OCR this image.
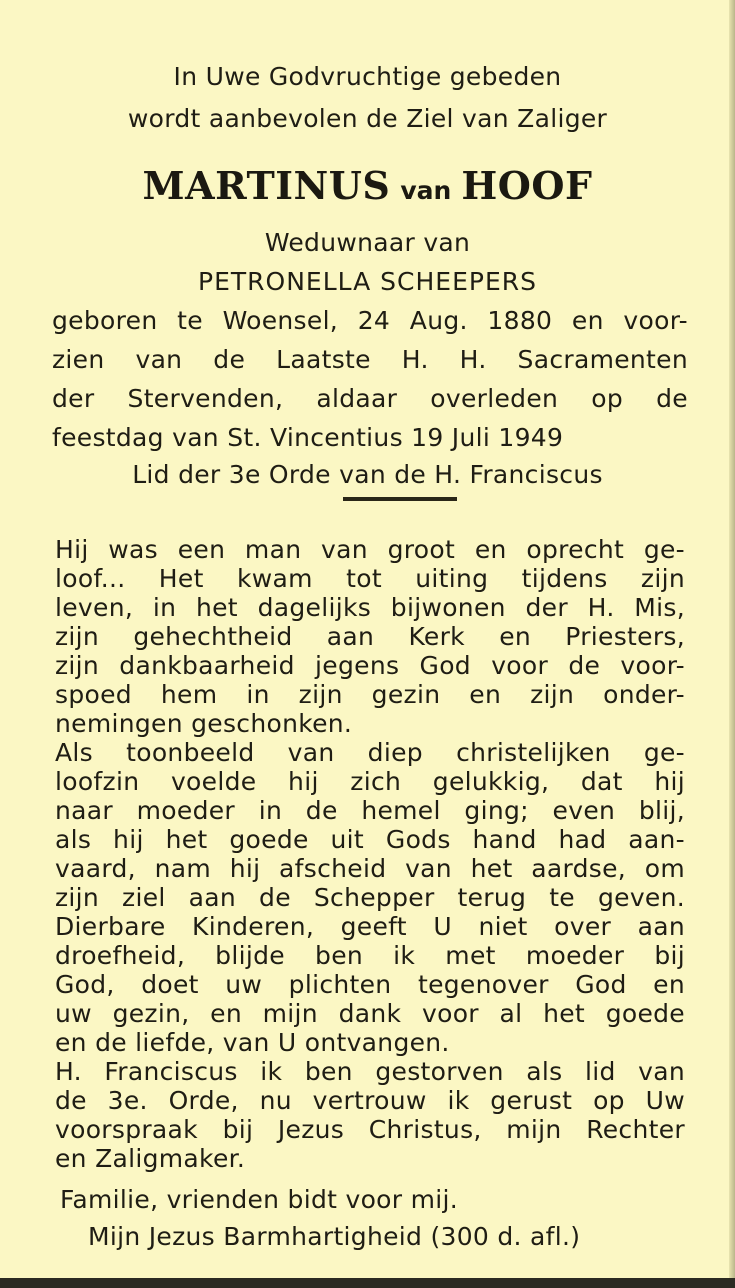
In Uwe Godvruchtige gebeden
wordt aanbevolen de Ziel van Zaliger
MARTINUS van HOOF
Weduwnaar van
PETRONELLA SCHEEPERS
geboren te Woensel, 24 Aug. 1880 en voor-
zien van de Laatste H. H. Sacramenten
der Stervenden, aldaar overleden op de
feestdag van St. Vincentius 19 Juli 1949
Lid der 3e Orde van de H. Franciscus
Hij was een man van groot en oprecht ge-
loof... Het kwam tot uiting tijdens zijn
leven, in het dagelijks bijwonen der H. Mis,
zijn gehechtheid aan Kerk en Priesters,
zijn dankbaarheid jegens God voor de voor-
spoed hem in zijn gezin en zijn onder-
nemingen geschonken.
Als toonbeeld van diep christelijken ge-
loofzin voelde hij zich gelukkig, dat hij
naar moeder in de hemel ging; even blij,
als hij het goede uit Gods hand had aan-
vaard, nam hij afscheid van het aardse, om
zijn ziel aan de Schepper terug te geven.
Dierbare Kinderen, geeft U niet over aan
droefheid, blijde ben ik met moeder bij
God, doet uw plichten tegenover God en
uw gezin, en mijn dank voor al het goede
en de liefde, van U ontvangen.
H. Franciscus ik ben gestorven als lid van
de 3e. Orde, nu vertrouw ik gerust op Uw
voorspraak bij Jezus Christus, mijn Rechter
en Zaligmaker.
Familie, vrienden bidt voor mij.
Mijn Jezus Barmhartigheid (300 d. afl.)
